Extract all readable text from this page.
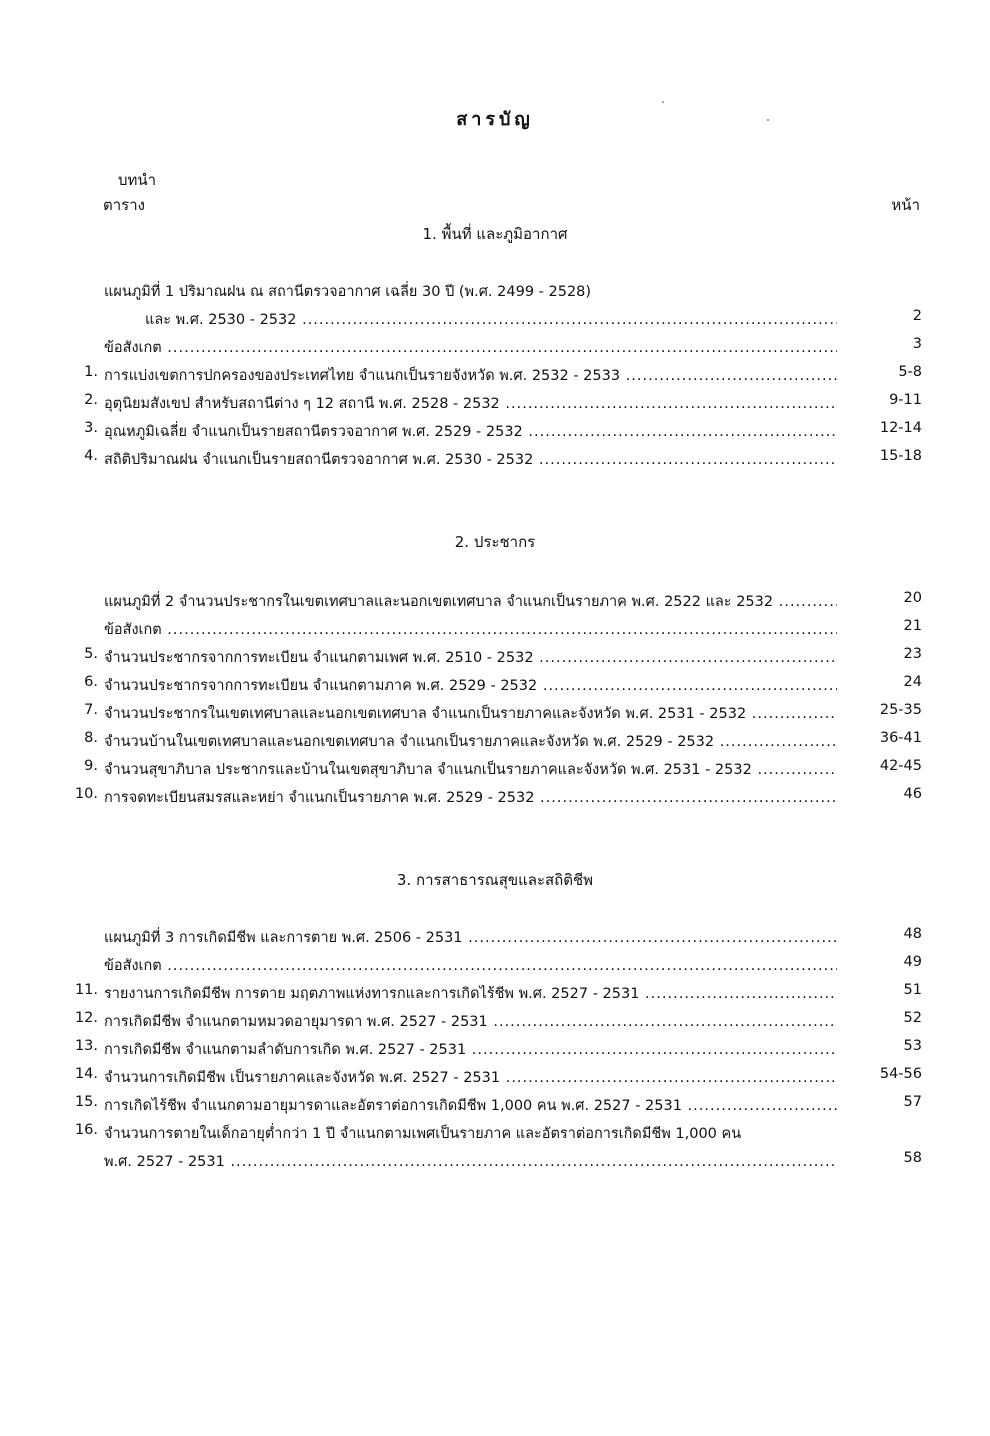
สารบัญ
บทนำ
ตาราง	หน้า
1. พื้นที่ และภูมิอากาศ
แผนภูมิที่ 1 ปริมาณฝน ณ สถานีตรวจอากาศ เฉลี่ย 30 ปี (พ.ศ. 2499 - 2528)
และ พ.ศ. 2530 - 2532 .....	2
ข้อสังเกต .....	3
1. การแบ่งเขตการปกครองของประเทศไทย จำแนกเป็นรายจังหวัด พ.ศ. 2532 - 2533 .....	5-8
2. อุตุนิยมสังเขป สำหรับสถานีต่าง ๆ 12 สถานี พ.ศ. 2528 - 2532 .....	9-11
3. อุณหภูมิเฉลี่ย จำแนกเป็นรายสถานีตรวจอากาศ พ.ศ. 2529 - 2532 .....	12-14
4. สถิติปริมาณฝน จำแนกเป็นรายสถานีตรวจอากาศ พ.ศ. 2530 - 2532 .....	15-18
2. ประชากร
แผนภูมิที่ 2 จำนวนประชากรในเขตเทศบาลและนอกเขตเทศบาล จำแนกเป็นรายภาค พ.ศ. 2522 และ 2532 .....	20
ข้อสังเกต .....	21
5. จำนวนประชากรจากการทะเบียน จำแนกตามเพศ พ.ศ. 2510 - 2532 .....	23
6. จำนวนประชากรจากการทะเบียน จำแนกตามภาค พ.ศ. 2529 - 2532 .....	24
7. จำนวนประชากรในเขตเทศบาลและนอกเขตเทศบาล จำแนกเป็นรายภาคและจังหวัด พ.ศ. 2531 - 2532 .....	25-35
8. จำนวนบ้านในเขตเทศบาลและนอกเขตเทศบาล จำแนกเป็นรายภาคและจังหวัด พ.ศ. 2529 - 2532 .....	36-41
9. จำนวนสุขาภิบาล ประชากรและบ้านในเขตสุขาภิบาล จำแนกเป็นรายภาคและจังหวัด พ.ศ. 2531 - 2532 .....	42-45
10. การจดทะเบียนสมรสและหย่า จำแนกเป็นรายภาค พ.ศ. 2529 - 2532 .....	46
3. การสาธารณสุขและสถิติชีพ
แผนภูมิที่ 3 การเกิดมีชีพ และการตาย พ.ศ. 2506 - 2531 .....	48
ข้อสังเกต .....	49
11. รายงานการเกิดมีชีพ การตาย มฤตภาพแห่งทารกและการเกิดไร้ชีพ พ.ศ. 2527 - 2531 .....	51
12. การเกิดมีชีพ จำแนกตามหมวดอายุมารดา พ.ศ. 2527 - 2531 .....	52
13. การเกิดมีชีพ จำแนกตามลำดับการเกิด พ.ศ. 2527 - 2531 .....	53
14. จำนวนการเกิดมีชีพ เป็นรายภาคและจังหวัด พ.ศ. 2527 - 2531 .....	54-56
15. การเกิดไร้ชีพ จำแนกตามอายุมารดาและอัตราต่อการเกิดมีชีพ 1,000 คน พ.ศ. 2527 - 2531 .....	57
16. จำนวนการตายในเด็กอายุต่ำกว่า 1 ปี จำแนกตามเพศเป็นรายภาค และอัตราต่อการเกิดมีชีพ 1,000 คน
พ.ศ. 2527 - 2531 .....	58
